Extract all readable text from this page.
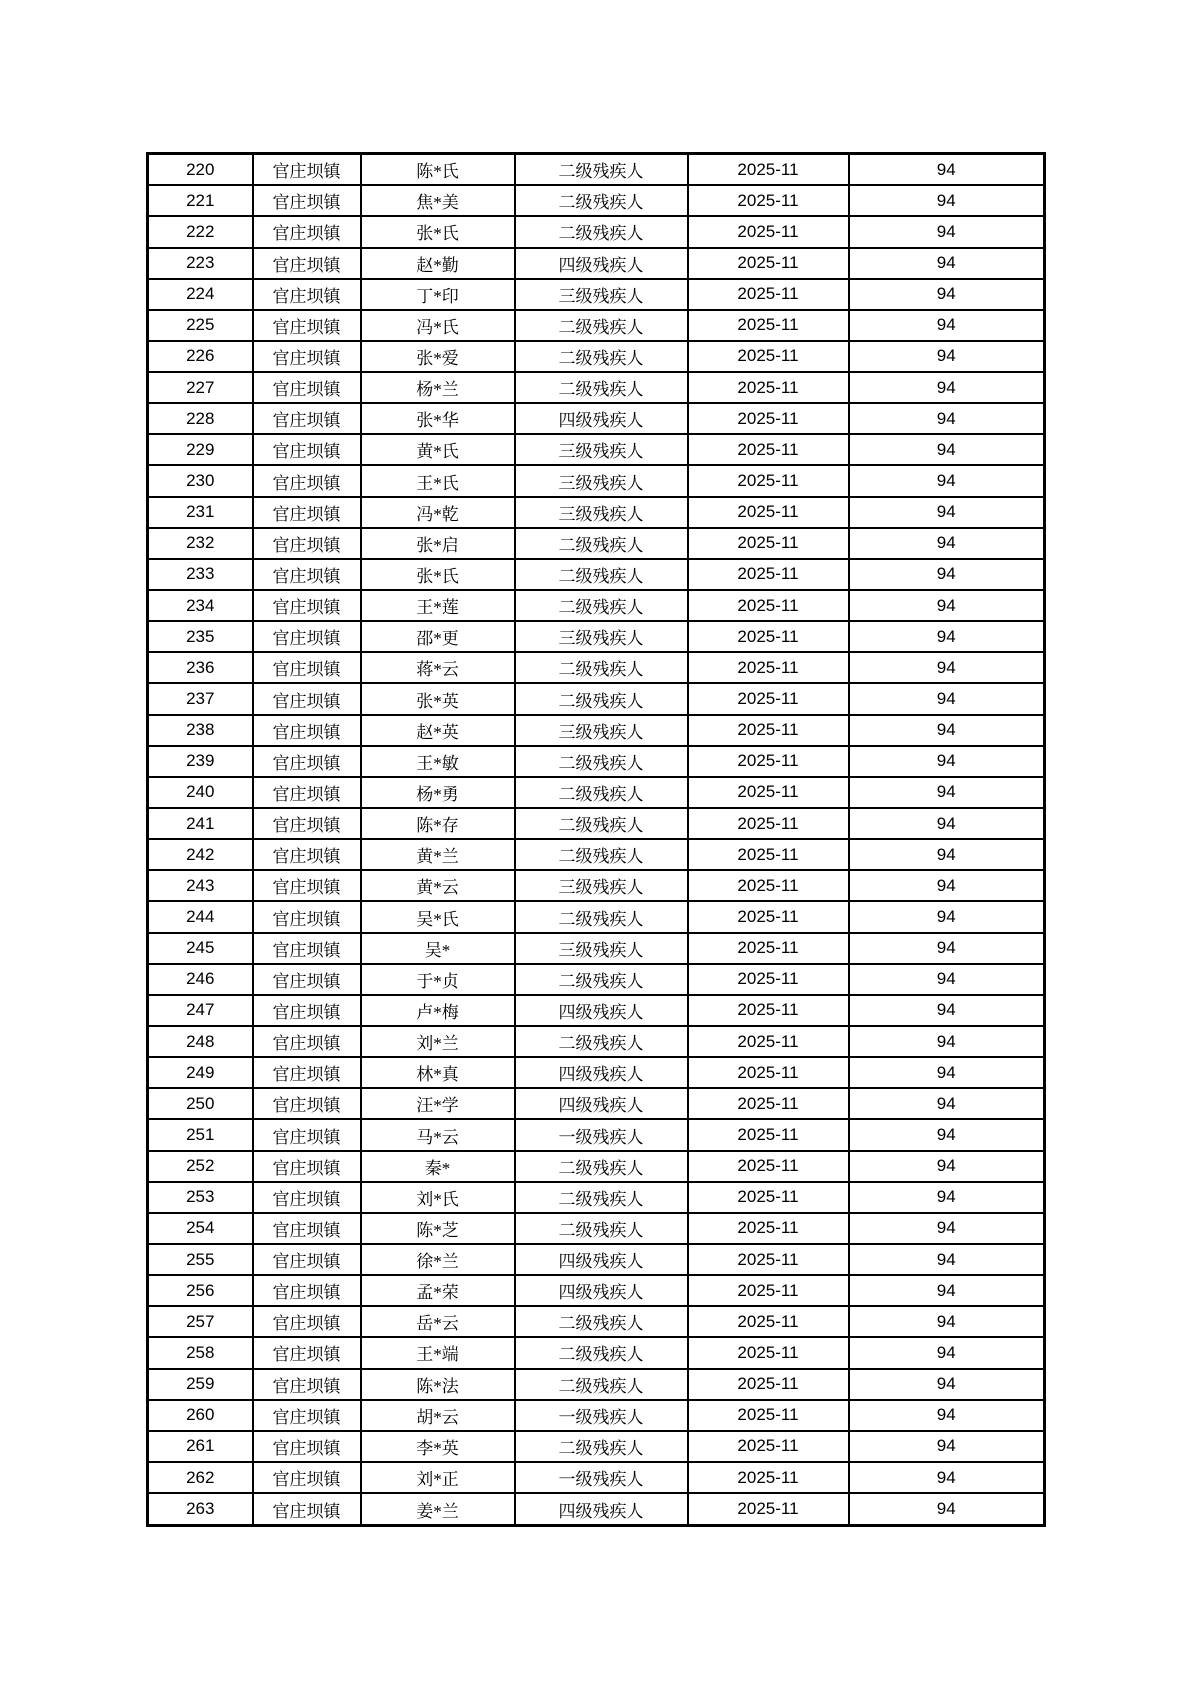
220	官庄坝镇	陈*氏	二级残疾人	2025-11	94
221	官庄坝镇	焦*美	二级残疾人	2025-11	94
222	官庄坝镇	张*氏	二级残疾人	2025-11	94
223	官庄坝镇	赵*勤	四级残疾人	2025-11	94
224	官庄坝镇	丁*印	三级残疾人	2025-11	94
225	官庄坝镇	冯*氏	二级残疾人	2025-11	94
226	官庄坝镇	张*爱	二级残疾人	2025-11	94
227	官庄坝镇	杨*兰	二级残疾人	2025-11	94
228	官庄坝镇	张*华	四级残疾人	2025-11	94
229	官庄坝镇	黄*氏	三级残疾人	2025-11	94
230	官庄坝镇	王*氏	三级残疾人	2025-11	94
231	官庄坝镇	冯*乾	三级残疾人	2025-11	94
232	官庄坝镇	张*启	二级残疾人	2025-11	94
233	官庄坝镇	张*氏	二级残疾人	2025-11	94
234	官庄坝镇	王*莲	二级残疾人	2025-11	94
235	官庄坝镇	邵*更	三级残疾人	2025-11	94
236	官庄坝镇	蒋*云	二级残疾人	2025-11	94
237	官庄坝镇	张*英	二级残疾人	2025-11	94
238	官庄坝镇	赵*英	三级残疾人	2025-11	94
239	官庄坝镇	王*敏	二级残疾人	2025-11	94
240	官庄坝镇	杨*勇	二级残疾人	2025-11	94
241	官庄坝镇	陈*存	二级残疾人	2025-11	94
242	官庄坝镇	黄*兰	二级残疾人	2025-11	94
243	官庄坝镇	黄*云	三级残疾人	2025-11	94
244	官庄坝镇	吴*氏	二级残疾人	2025-11	94
245	官庄坝镇	吴*	三级残疾人	2025-11	94
246	官庄坝镇	于*贞	二级残疾人	2025-11	94
247	官庄坝镇	卢*梅	四级残疾人	2025-11	94
248	官庄坝镇	刘*兰	二级残疾人	2025-11	94
249	官庄坝镇	林*真	四级残疾人	2025-11	94
250	官庄坝镇	汪*学	四级残疾人	2025-11	94
251	官庄坝镇	马*云	一级残疾人	2025-11	94
252	官庄坝镇	秦*	二级残疾人	2025-11	94
253	官庄坝镇	刘*氏	二级残疾人	2025-11	94
254	官庄坝镇	陈*芝	二级残疾人	2025-11	94
255	官庄坝镇	徐*兰	四级残疾人	2025-11	94
256	官庄坝镇	孟*荣	四级残疾人	2025-11	94
257	官庄坝镇	岳*云	二级残疾人	2025-11	94
258	官庄坝镇	王*端	二级残疾人	2025-11	94
259	官庄坝镇	陈*法	二级残疾人	2025-11	94
260	官庄坝镇	胡*云	一级残疾人	2025-11	94
261	官庄坝镇	李*英	二级残疾人	2025-11	94
262	官庄坝镇	刘*正	一级残疾人	2025-11	94
263	官庄坝镇	姜*兰	四级残疾人	2025-11	94
